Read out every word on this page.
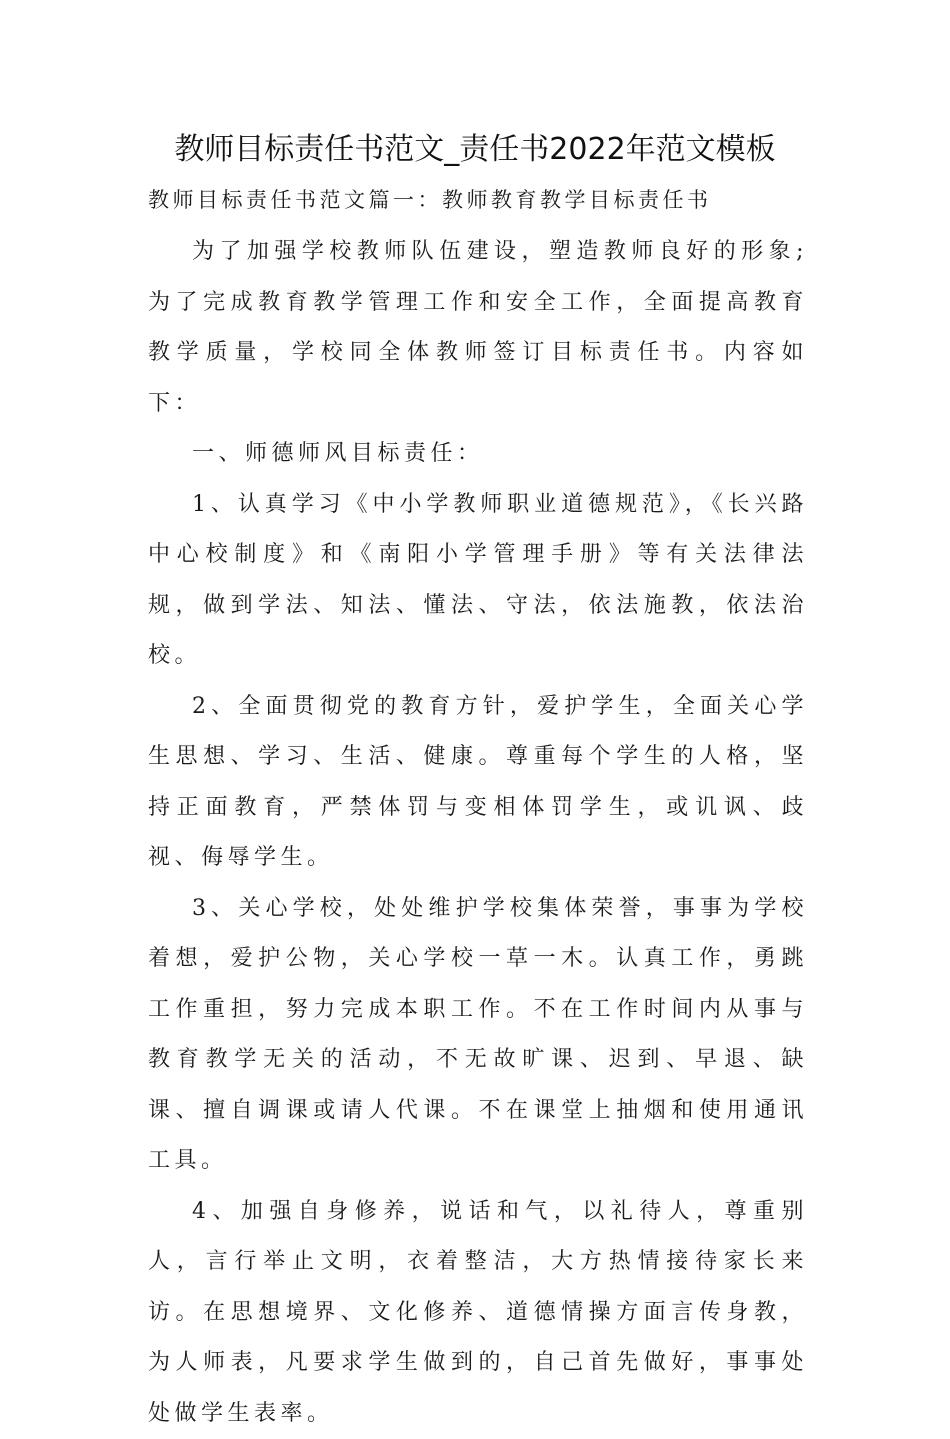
教师目标责任书范文_责任书2022年范文模板
教师目标责任书范文篇一：教师教育教学目标责任书

为了加强学校教师队伍建设，塑造教师良好的形象;为了完成教育教学管理工作和安全工作，全面提高教育教学质量，学校同全体教师签订目标责任书。内容如下：

一、师德师风目标责任：

1、认真学习《中小学教师职业道德规范》，《长兴路中心校制度》和《南阳小学管理手册》等有关法律法规，做到学法、知法、懂法、守法，依法施教，依法治校。

2、全面贯彻党的教育方针，爱护学生，全面关心学生思想、学习、生活、健康。尊重每个学生的人格，坚持正面教育，严禁体罚与变相体罚学生，或讥讽、歧视、侮辱学生。

3、关心学校，处处维护学校集体荣誉，事事为学校着想，爱护公物，关心学校一草一木。认真工作，勇跳工作重担，努力完成本职工作。不在工作时间内从事与教育教学无关的活动，不无故旷课、迟到、早退、缺课、擅自调课或请人代课。不在课堂上抽烟和使用通讯工具。

4、加强自身修养，说话和气，以礼待人，尊重别人，言行举止文明，衣着整洁，大方热情接待家长来访。在思想境界、文化修养、道德情操方面言传身教，为人师表，凡要求学生做到的，自己首先做好，事事处处做学生表率。
